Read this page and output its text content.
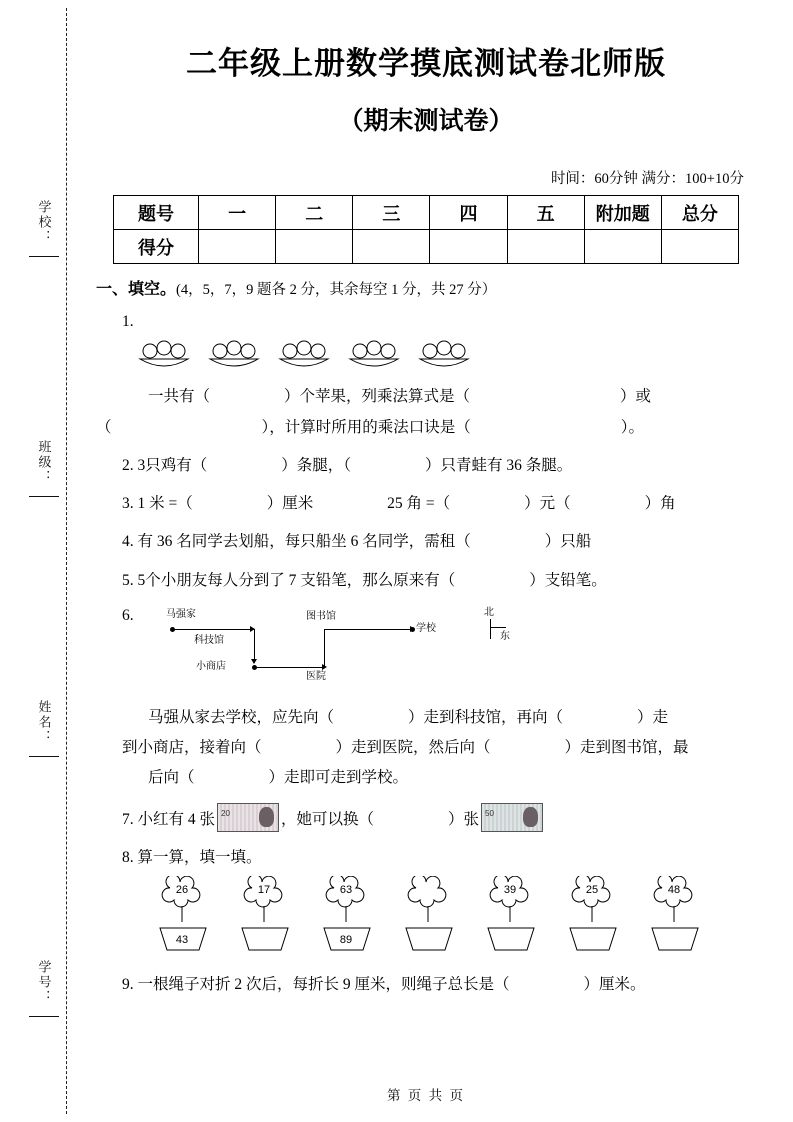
学校：
班级：
姓名：
学号：
二年级上册数学摸底测试卷北师版
（期末测试卷）
时间：60分钟 满分：100+10分
题号	一	二	三	四	五	附加题	总分
得分							
一、填空。(4，5，7，9 题各 2 分，其余每空 1 分，共 27 分）
1.
一共有（	）个苹果，列乘法算式是（	）或
（	），计算时所用的乘法口诀是（	）。
2. 3只鸡有（	）条腿，（	）只青蛙有 36 条腿。
3. 1 米 =（	）厘米	25 角 =（	）元（	）角
4. 有 36 名同学去划船，每只船坐 6 名同学，需租（	）只船
5. 5个小朋友每人分到了 7 支铅笔，那么原来有（	）支铅笔。
6.	马强家
科技馆
小商店
医院
图书馆
学校
北
东
马强从家去学校，应先向（	）走到科技馆，再向（	）走
到小商店，接着向（	）走到医院，然后向（	）走到图书馆，最
后向（	）走即可走到学校。
7. 小红有 4 张 20	，她可以换（	）张 50
8. 算一算，填一填。
26	17	63	39	25	48
43	89
9. 一根绳子对折 2 次后，每折长 9 厘米，则绳子总长是（	）厘米。
第 页 共 页
